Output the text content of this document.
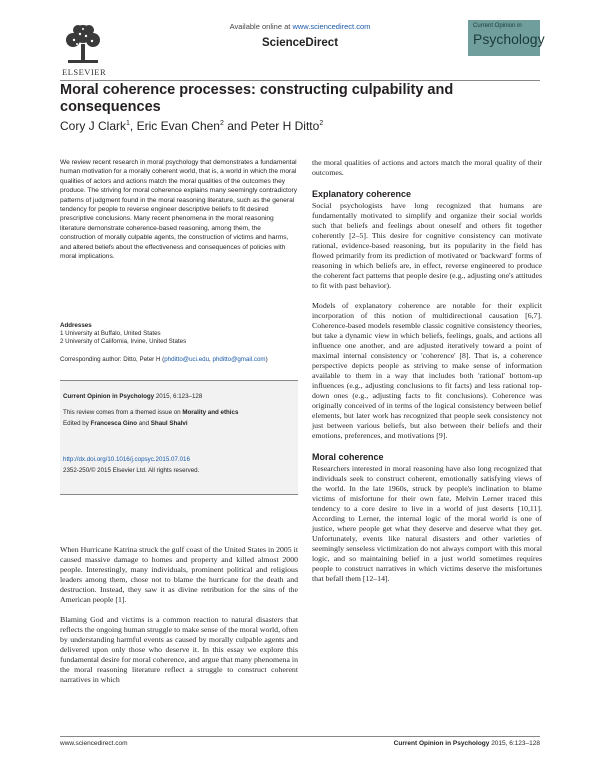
ELSEVIER
Available online at www.sciencedirect.com
ScienceDirect
Current Opinion in
Psychology
Moral coherence processes: constructing culpability and consequences
Cory J Clark$^1$, Eric Evan Chen$^2$ and Peter H Ditto$^2$
We review recent research in moral psychology that demonstrates a fundamental human motivation for a morally coherent world, that is, a world in which the moral qualities of actors and actions match the moral qualities of the outcomes they produce. The striving for moral coherence explains many seemingly contradictory patterns of judgment found in the moral reasoning literature, such as the general tendency for people to reverse engineer descriptive beliefs to fit desired prescriptive conclusions. Many recent phenomena in the moral reasoning literature demonstrate coherence-based reasoning, among them, the construction of morally culpable agents, the construction of victims and harms, and altered beliefs about the effectiveness and consequences of policies with moral implications.
Addresses
1 University at Buffalo, United States
2 University of California, Irvine, United States
Corresponding author: Ditto, Peter H (phditto@uci.edu, phditto@gmail.com)
Current Opinion in Psychology 2015, 6:123–128
This review comes from a themed issue on Morality and ethics
Edited by Francesca Gino and Shaul Shalvi
http://dx.doi.org/10.1016/j.copsyc.2015.07.016
2352-250/© 2015 Elsevier Ltd. All rights reserved.

When Hurricane Katrina struck the gulf coast of the United States in 2005 it caused massive damage to homes and property and killed almost 2000 people. Interestingly, many individuals, prominent political and religious leaders among them, chose not to blame the hurricane for the death and destruction. Instead, they saw it as divine retribution for the sins of the American people [1].

Blaming God and victims is a common reaction to natural disasters that reflects the ongoing human struggle to make sense of the moral world, often by understanding harmful events as caused by morally culpable agents and delivered upon only those who deserve it. In this essay we explore this fundamental desire for moral coherence, and argue that many phenomena in the moral reasoning literature reflect a struggle to construct coherent narratives in which

the moral qualities of actions and actors match the moral quality of their outcomes.

Explanatory coherence

Social psychologists have long recognized that humans are fundamentally motivated to simplify and organize their social worlds such that beliefs and feelings about oneself and others fit together coherently [2–5]. This desire for cognitive consistency can motivate rational, evidence-based reasoning, but its popularity in the field has flowed primarily from its prediction of motivated or 'backward' forms of reasoning in which beliefs are, in effect, reverse engineered to produce the coherent fact patterns that people desire (e.g., adjusting one's attitudes to fit with past behavior).

Models of explanatory coherence are notable for their explicit incorporation of this notion of multidirectional causation [6,7]. Coherence-based models resemble classic cognitive consistency theories, but take a dynamic view in which beliefs, feelings, goals, and actions all influence one another, and are adjusted iteratively toward a point of maximal internal consistency or 'coherence' [8]. That is, a coherence perspective depicts people as striving to make sense of information available to them in a way that includes both 'rational' bottom-up influences (e.g., adjusting conclusions to fit facts) and less rational top-down ones (e.g., adjusting facts to fit conclusions). Coherence was originally conceived of in terms of the logical consistency between belief elements, but later work has recognized that people seek consistency not just between various beliefs, but also between their beliefs and their emotions, preferences, and motivations [9].

Moral coherence

Researchers interested in moral reasoning have also long recognized that individuals seek to construct coherent, emotionally satisfying views of the world. In the late 1960s, struck by people's inclination to blame victims of misfortune for their own fate, Melvin Lerner traced this tendency to a core desire to live in a world of just deserts [10,11]. According to Lerner, the internal logic of the moral world is one of justice, where people get what they deserve and deserve what they get. Unfortunately, events like natural disasters and other varieties of seemingly senseless victimization do not always comport with this moral logic, and so maintaining belief in a just world sometimes requires people to construct narratives in which victims deserve the misfortunes that befall them [12–14].

www.sciencedirect.com	Current Opinion in Psychology 2015, 6:123–128
